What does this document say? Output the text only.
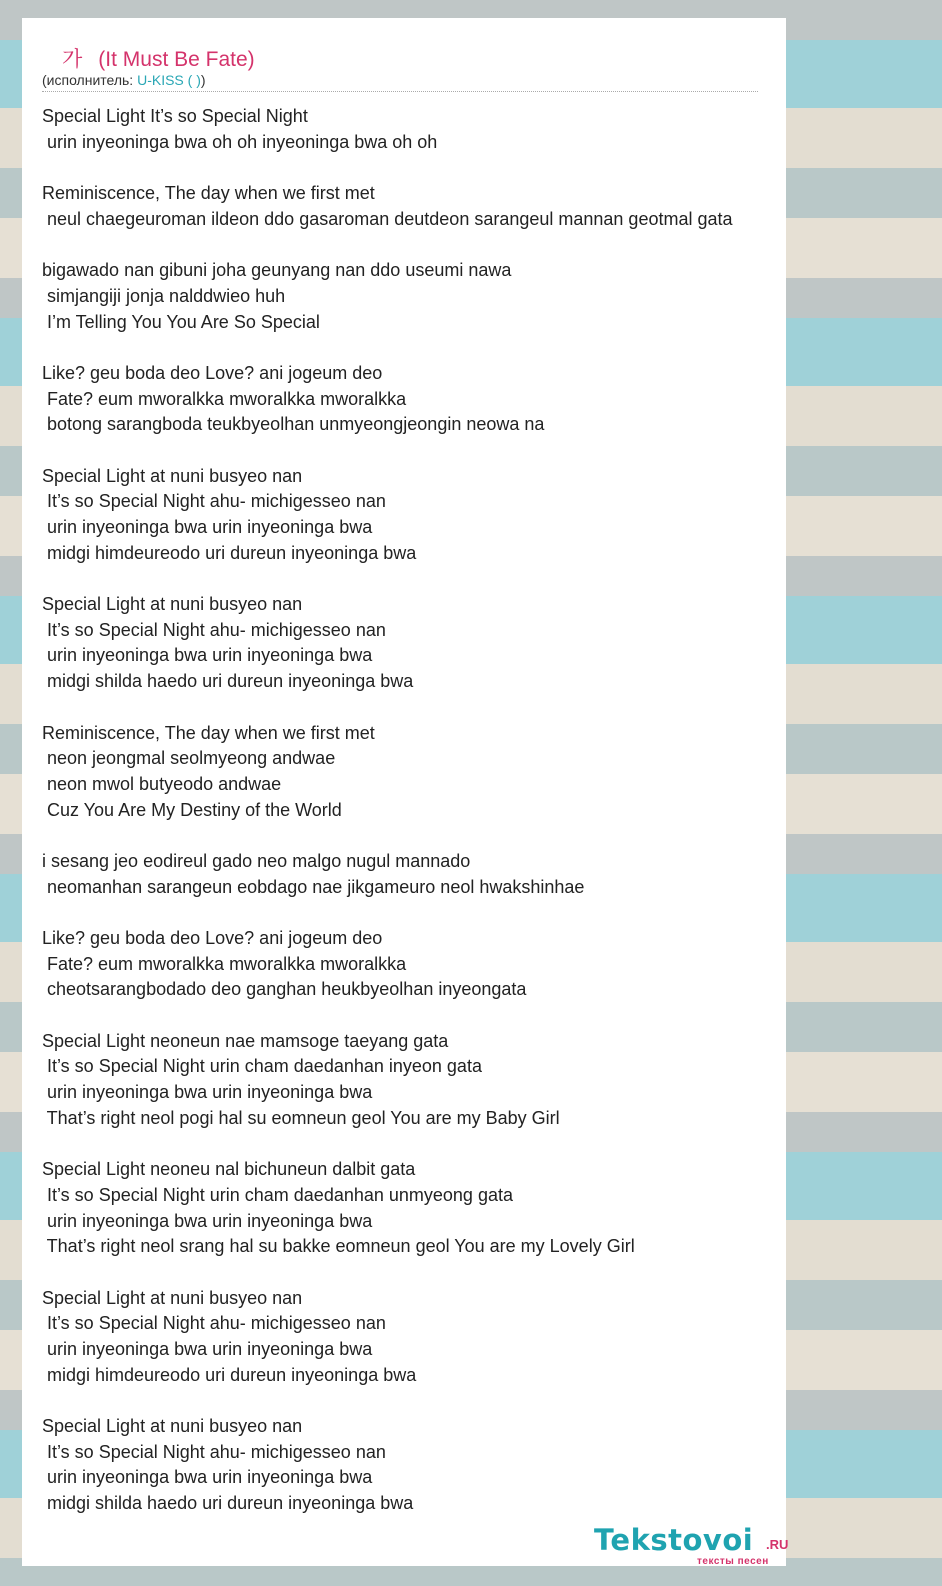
가 (It Must Be Fate)
(исполнитель: U-KISS ( ))
Special Light It’s so Special Night
urin inyeoninga bwa oh oh inyeoninga bwa oh oh
Reminiscence, The day when we first met
neul chaegeuroman ildeon ddo gasaroman deutdeon sarangeul mannan geotmal gata
bigawado nan gibuni joha geunyang nan ddo useumi nawa
simjangiji jonja nalddwieo huh
I’m Telling You You Are So Special
Like? geu boda deo Love? ani jogeum deo
Fate? eum mworalkka mworalkka mworalkka
botong sarangboda teukbyeolhan unmyeongjeongin neowa na
Special Light at nuni busyeo nan
It’s so Special Night ahu- michigesseo nan
urin inyeoninga bwa urin inyeoninga bwa
midgi himdeureodo uri dureun inyeoninga bwa
Special Light at nuni busyeo nan
It’s so Special Night ahu- michigesseo nan
urin inyeoninga bwa urin inyeoninga bwa
midgi shilda haedo uri dureun inyeoninga bwa
Reminiscence, The day when we first met
neon jeongmal seolmyeong andwae
neon mwol butyeodo andwae
Cuz You Are My Destiny of the World
i sesang jeo eodireul gado neo malgo nugul mannado
neomanhan sarangeun eobdago nae jikgameuro neol hwakshinhae
Like? geu boda deo Love? ani jogeum deo
Fate? eum mworalkka mworalkka mworalkka
cheotsarangbodado deo ganghan heukbyeolhan inyeongata
Special Light neoneun nae mamsoge taeyang gata
It’s so Special Night urin cham daedanhan inyeon gata
urin inyeoninga bwa urin inyeoninga bwa
That’s right neol pogi hal su eomneun geol You are my Baby Girl
Special Light neoneu nal bichuneun dalbit gata
It’s so Special Night urin cham daedanhan unmyeong gata
urin inyeoninga bwa urin inyeoninga bwa
That’s right neol srang hal su bakke eomneun geol You are my Lovely Girl
Special Light at nuni busyeo nan
It’s so Special Night ahu- michigesseo nan
urin inyeoninga bwa urin inyeoninga bwa
midgi himdeureodo uri dureun inyeoninga bwa
Special Light at nuni busyeo nan
It’s so Special Night ahu- michigesseo nan
urin inyeoninga bwa urin inyeoninga bwa
midgi shilda haedo uri dureun inyeoninga bwa
Tekstovoi .RU
тексты песен
